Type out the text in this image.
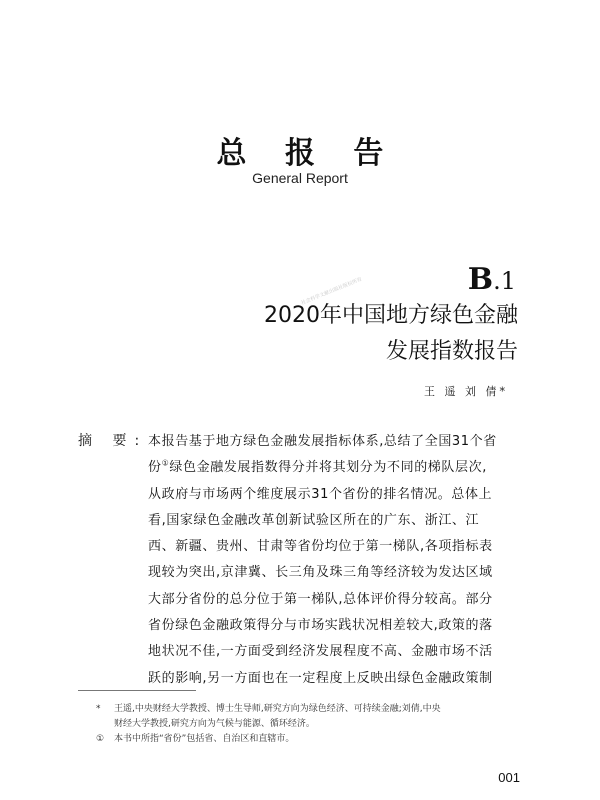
总 报 告
General Report
B.1
2020年中国地方绿色金融
发展指数报告
社会科学文献出版社版权所有
王 遥 刘 倩*
摘 要: 本报告基于地方绿色金融发展指标体系,总结了全国31个省
份①绿色金融发展指数得分并将其划分为不同的梯队层次,
从政府与市场两个维度展示31个省份的排名情况。总体上
看,国家绿色金融改革创新试验区所在的广东、浙江、江
西、新疆、贵州、甘肃等省份均位于第一梯队,各项指标表
现较为突出,京津冀、长三角及珠三角等经济较为发达区域
大部分省份的总分位于第一梯队,总体评价得分较高。部分
省份绿色金融政策得分与市场实践状况相差较大,政策的落
地状况不佳,一方面受到经济发展程度不高、金融市场不活
跃的影响,另一方面也在一定程度上反映出绿色金融政策制
* 王遥,中央财经大学教授、博士生导师,研究方向为绿色经济、可持续金融;刘倩,中央
财经大学教授,研究方向为气候与能源、循环经济。
① 本书中所指“省份”包括省、自治区和直辖市。
001
